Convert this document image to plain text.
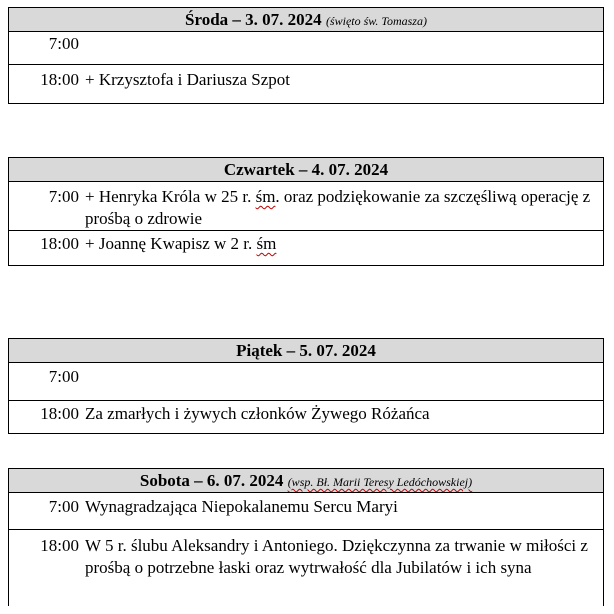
Środa – 3. 07. 2024 (święto św. Tomasza)
7:00
18:00 + Krzysztofa i Dariusza Szpot
Czwartek – 4. 07. 2024
7:00 + Henryka Króla w 25 r. śm. oraz podziękowanie za szczęśliwą operację z prośbą o zdrowie
18:00 + Joannę Kwapisz w 2 r. śm
Piątek – 5. 07. 2024
7:00
18:00 Za zmarłych i żywych członków Żywego Różańca
Sobota – 6. 07. 2024 (wsp. Bł. Marii Teresy Ledóchowskiej)
7:00 Wynagradzająca Niepokalanemu Sercu Maryi
18:00 W 5 r. ślubu Aleksandry i Antoniego. Dziękczynna za trwanie w miłości z prośbą o potrzebne łaski oraz wytrwałość dla Jubilatów i ich syna
